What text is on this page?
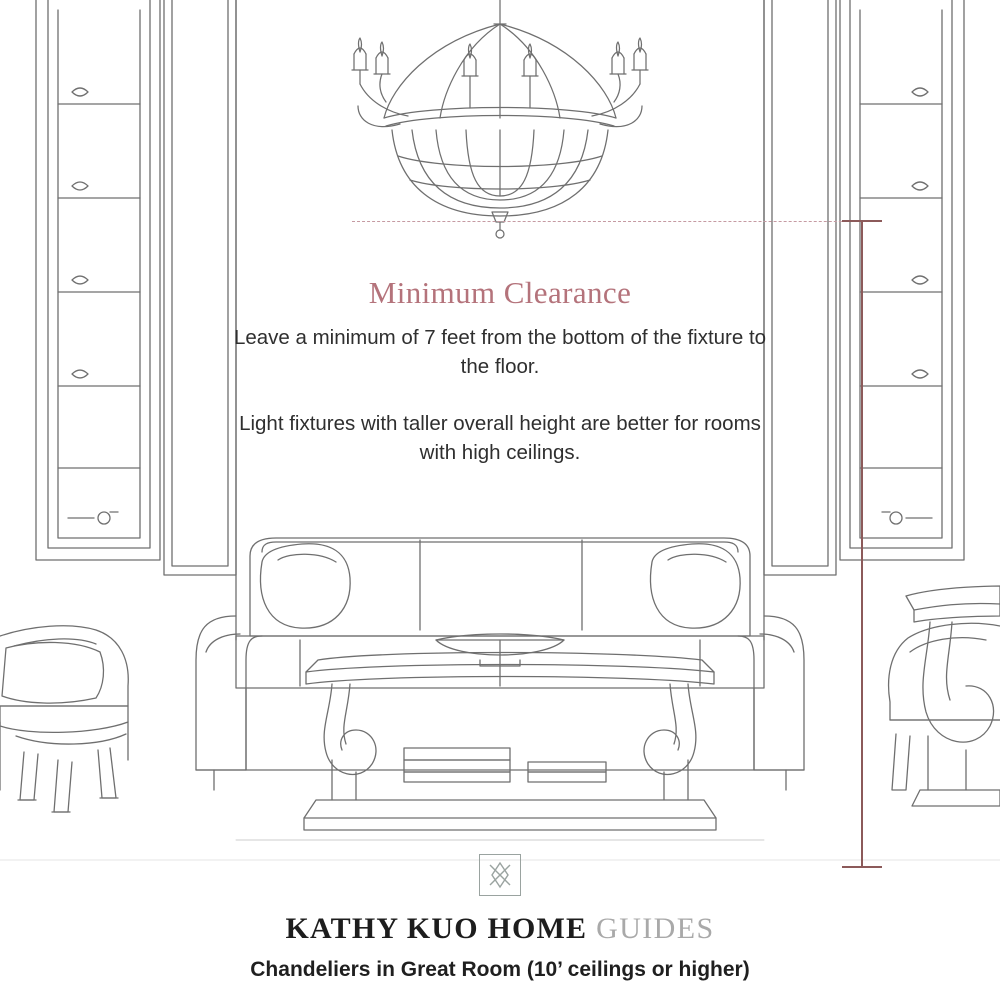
Minimum Clearance

Leave a minimum of 7 feet from the bottom of the fixture to the floor.

Light fixtures with taller overall height are better for rooms with high ceilings.

KATHY KUO HOME GUIDES

Chandeliers in Great Room (10’ ceilings or higher)
